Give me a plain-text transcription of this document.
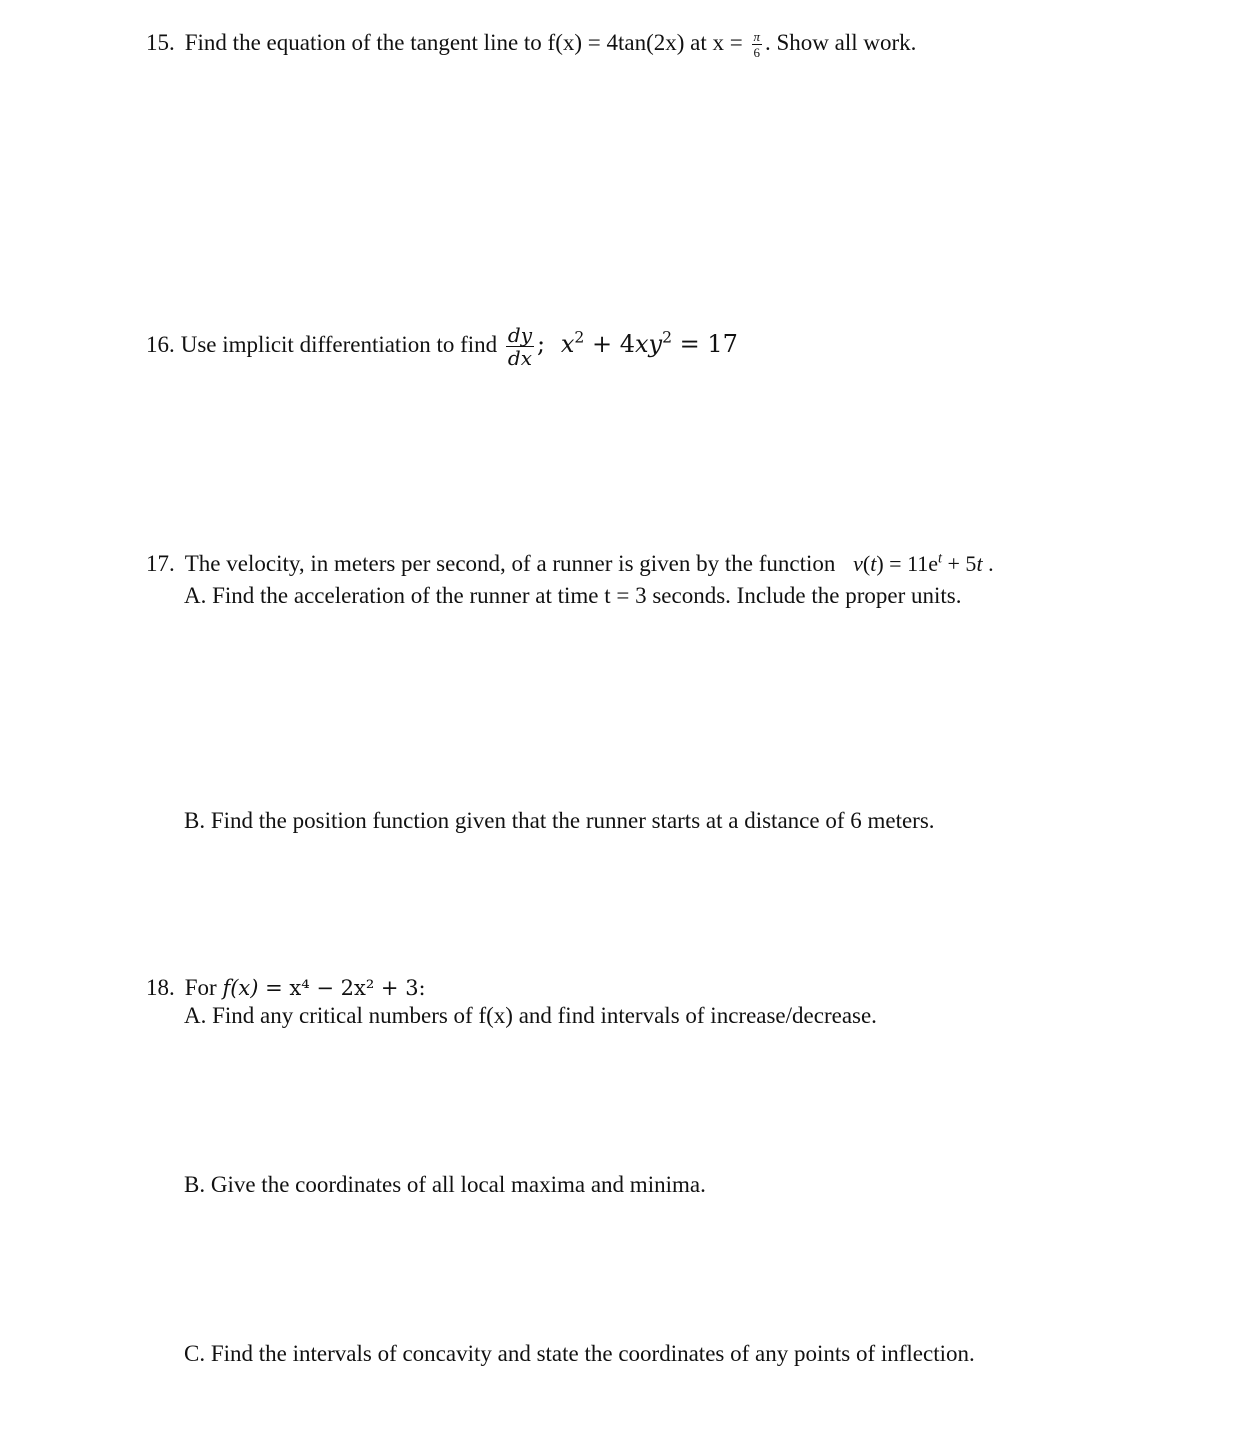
15. Find the equation of the tangent line to f(x) = 4tan(2x) at $x = \frac{\pi}{6}$ . Show all work.
16. Use implicit differentiation to find $\frac{dy}{dx}$ ; $x^2 + 4xy^2 = 17$
17. The velocity, in meters per second, of a runner is given by the function $v(t) = 11e^t + 5t$ .
A. Find the acceleration of the runner at time t = 3 seconds. Include the proper units.
B. Find the position function given that the runner starts at a distance of 6 meters.
18. For f(x) = x⁴ − 2x² + 3:
A. Find any critical numbers of f(x) and find intervals of increase/decrease.
B. Give the coordinates of all local maxima and minima.
C. Find the intervals of concavity and state the coordinates of any points of inflection.
